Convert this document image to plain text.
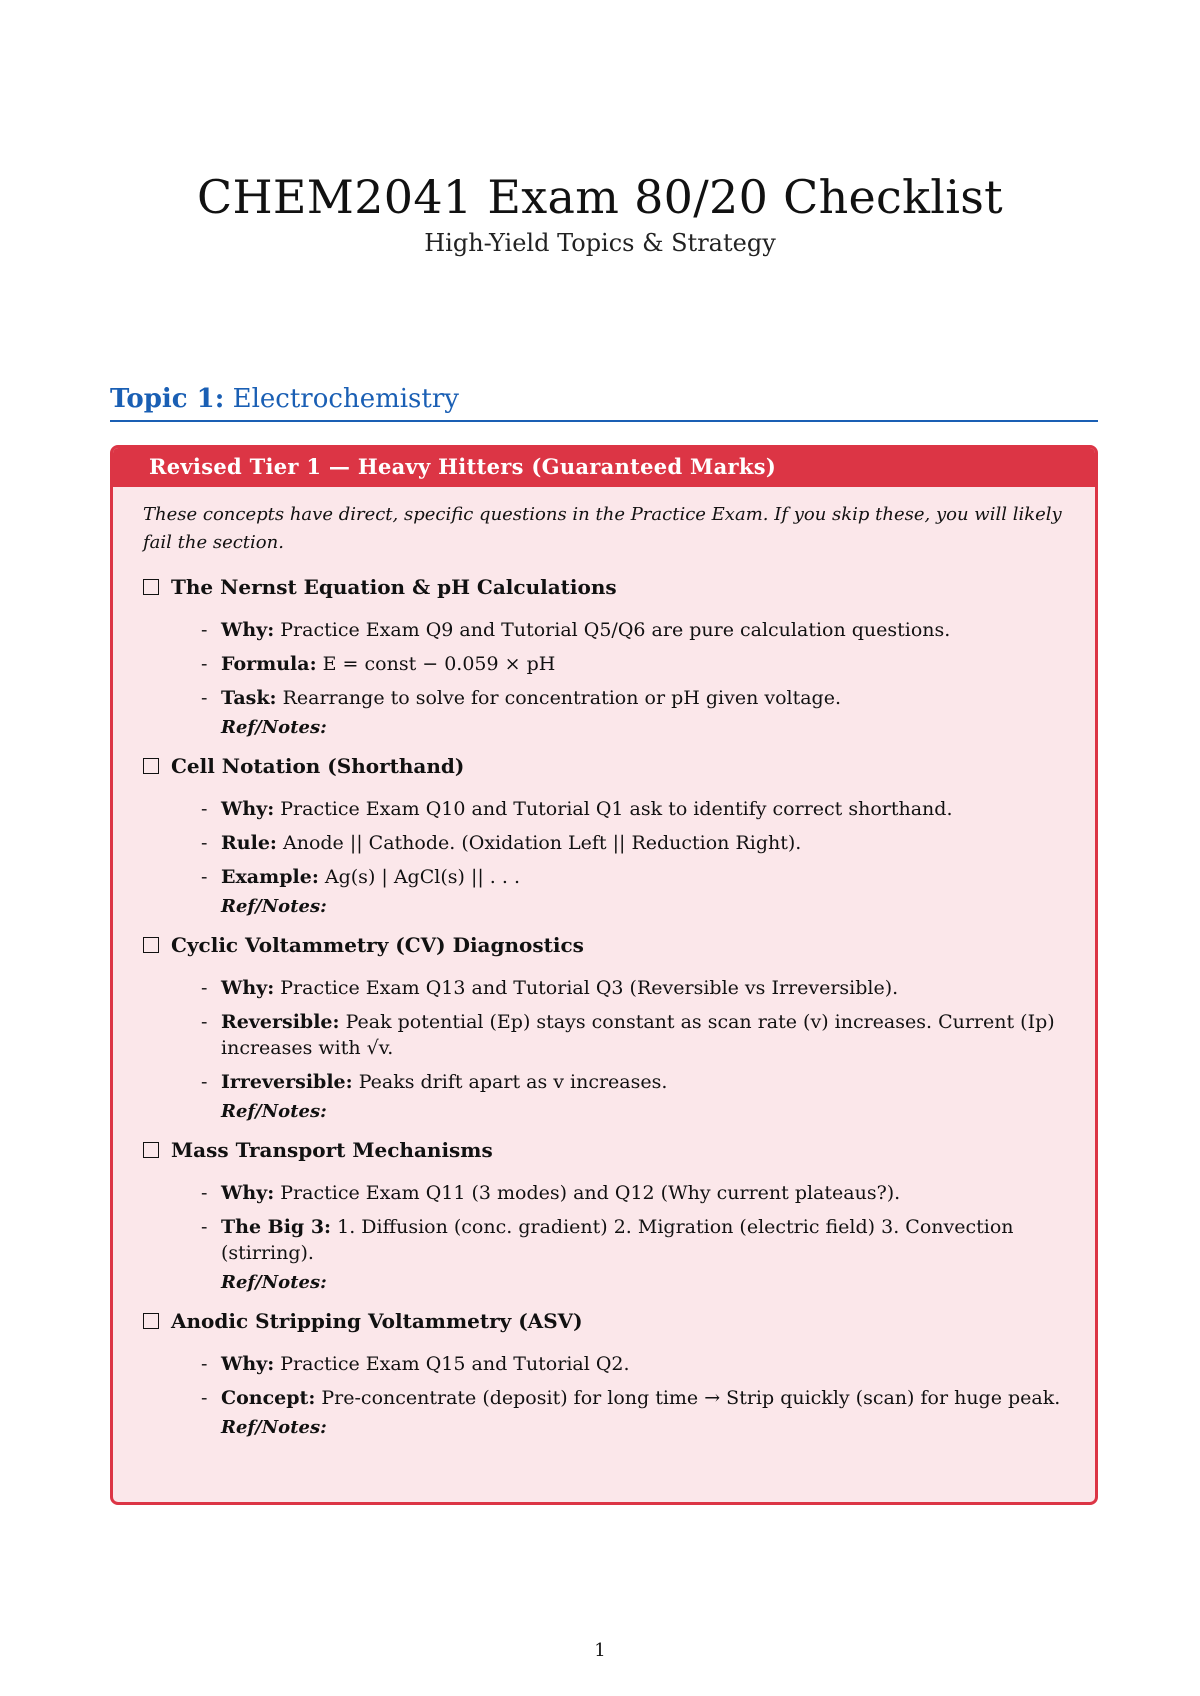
CHEM2041 Exam 80/20 Checklist
High-Yield Topics & Strategy
Topic 1: Electrochemistry
Revised Tier 1 — Heavy Hitters (Guaranteed Marks)

These concepts have direct, specific questions in the Practice Exam. If you skip these, you will likely fail the section.

The Nernst Equation & pH Calculations
- Why: Practice Exam Q9 and Tutorial Q5/Q6 are pure calculation questions.
- Formula: E = const − 0.059 × pH
- Task: Rearrange to solve for concentration or pH given voltage.
Ref/Notes:
Cell Notation (Shorthand)
- Why: Practice Exam Q10 and Tutorial Q1 ask to identify correct shorthand.
- Rule: Anode || Cathode. (Oxidation Left || Reduction Right).
- Example: Ag(s) | AgCl(s) || . . .
Ref/Notes:
Cyclic Voltammetry (CV) Diagnostics
- Why: Practice Exam Q13 and Tutorial Q3 (Reversible vs Irreversible).
- Reversible: Peak potential (Ep) stays constant as scan rate (v) increases. Current (Ip) increases with √v.
- Irreversible: Peaks drift apart as v increases.
Ref/Notes:
Mass Transport Mechanisms
- Why: Practice Exam Q11 (3 modes) and Q12 (Why current plateaus?).
- The Big 3: 1. Diffusion (conc. gradient) 2. Migration (electric field) 3. Convection (stirring).
Ref/Notes:
Anodic Stripping Voltammetry (ASV)
- Why: Practice Exam Q15 and Tutorial Q2.
- Concept: Pre-concentrate (deposit) for long time → Strip quickly (scan) for huge peak.
Ref/Notes:
1
